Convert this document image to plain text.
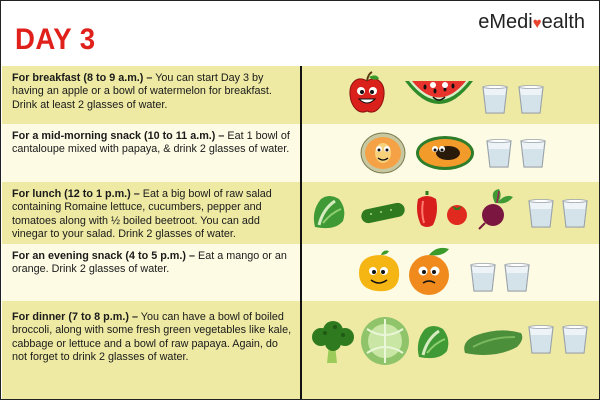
DAY 3
eMedi♥ealth
For breakfast (8 to 9 a.m.) – You can start Day 3 by having an apple or a bowl of watermelon for breakfast. Drink at least 2 glasses of water.
For a mid-morning snack (10 to 11 a.m.) – Eat 1 bowl of cantaloupe mixed with papaya, & drink 2 glasses of water.
For lunch (12 to 1 p.m.) – Eat a big bowl of raw salad containing Romaine lettuce, cucumbers, pepper and tomatoes along with ½ boiled beetroot. You can add vinegar to your salad. Drink 2 glasses of water.
For an evening snack (4 to 5 p.m.) – Eat a mango or an orange. Drink 2 glasses of water.
For dinner (7 to 8 p.m.) – You can have a bowl of boiled broccoli, along with some fresh green vegetables like kale, cabbage or lettuce and a bowl of raw papaya. Again, do not forget to drink 2 glasses of water.
